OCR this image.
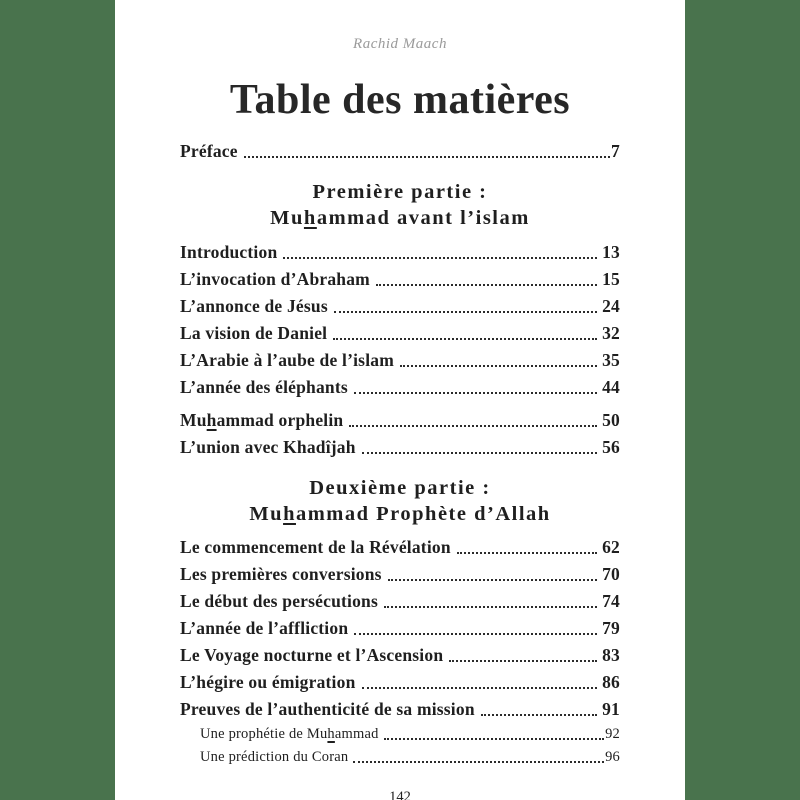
Rachid Maach
Table des matières
Préface	7
Première partie :
Muhammad avant l’islam
Introduction	13
L’invocation d’Abraham	15
L’annonce de Jésus	24
La vision de Daniel	32
L’Arabie à l’aube de l’islam	35
L’année des éléphants	44
Muhammad orphelin	50
L’union avec Khadîjah	56
Deuxième partie :
Muhammad Prophète d’Allah
Le commencement de la Révélation	62
Les premières conversions	70
Le début des persécutions	74
L’année de l’affliction	79
Le Voyage nocturne et l’Ascension	83
L’hégire ou émigration	86
Preuves de l’authenticité de sa mission	91
Une prophétie de Muhammad	92
Une prédiction du Coran	96
142
